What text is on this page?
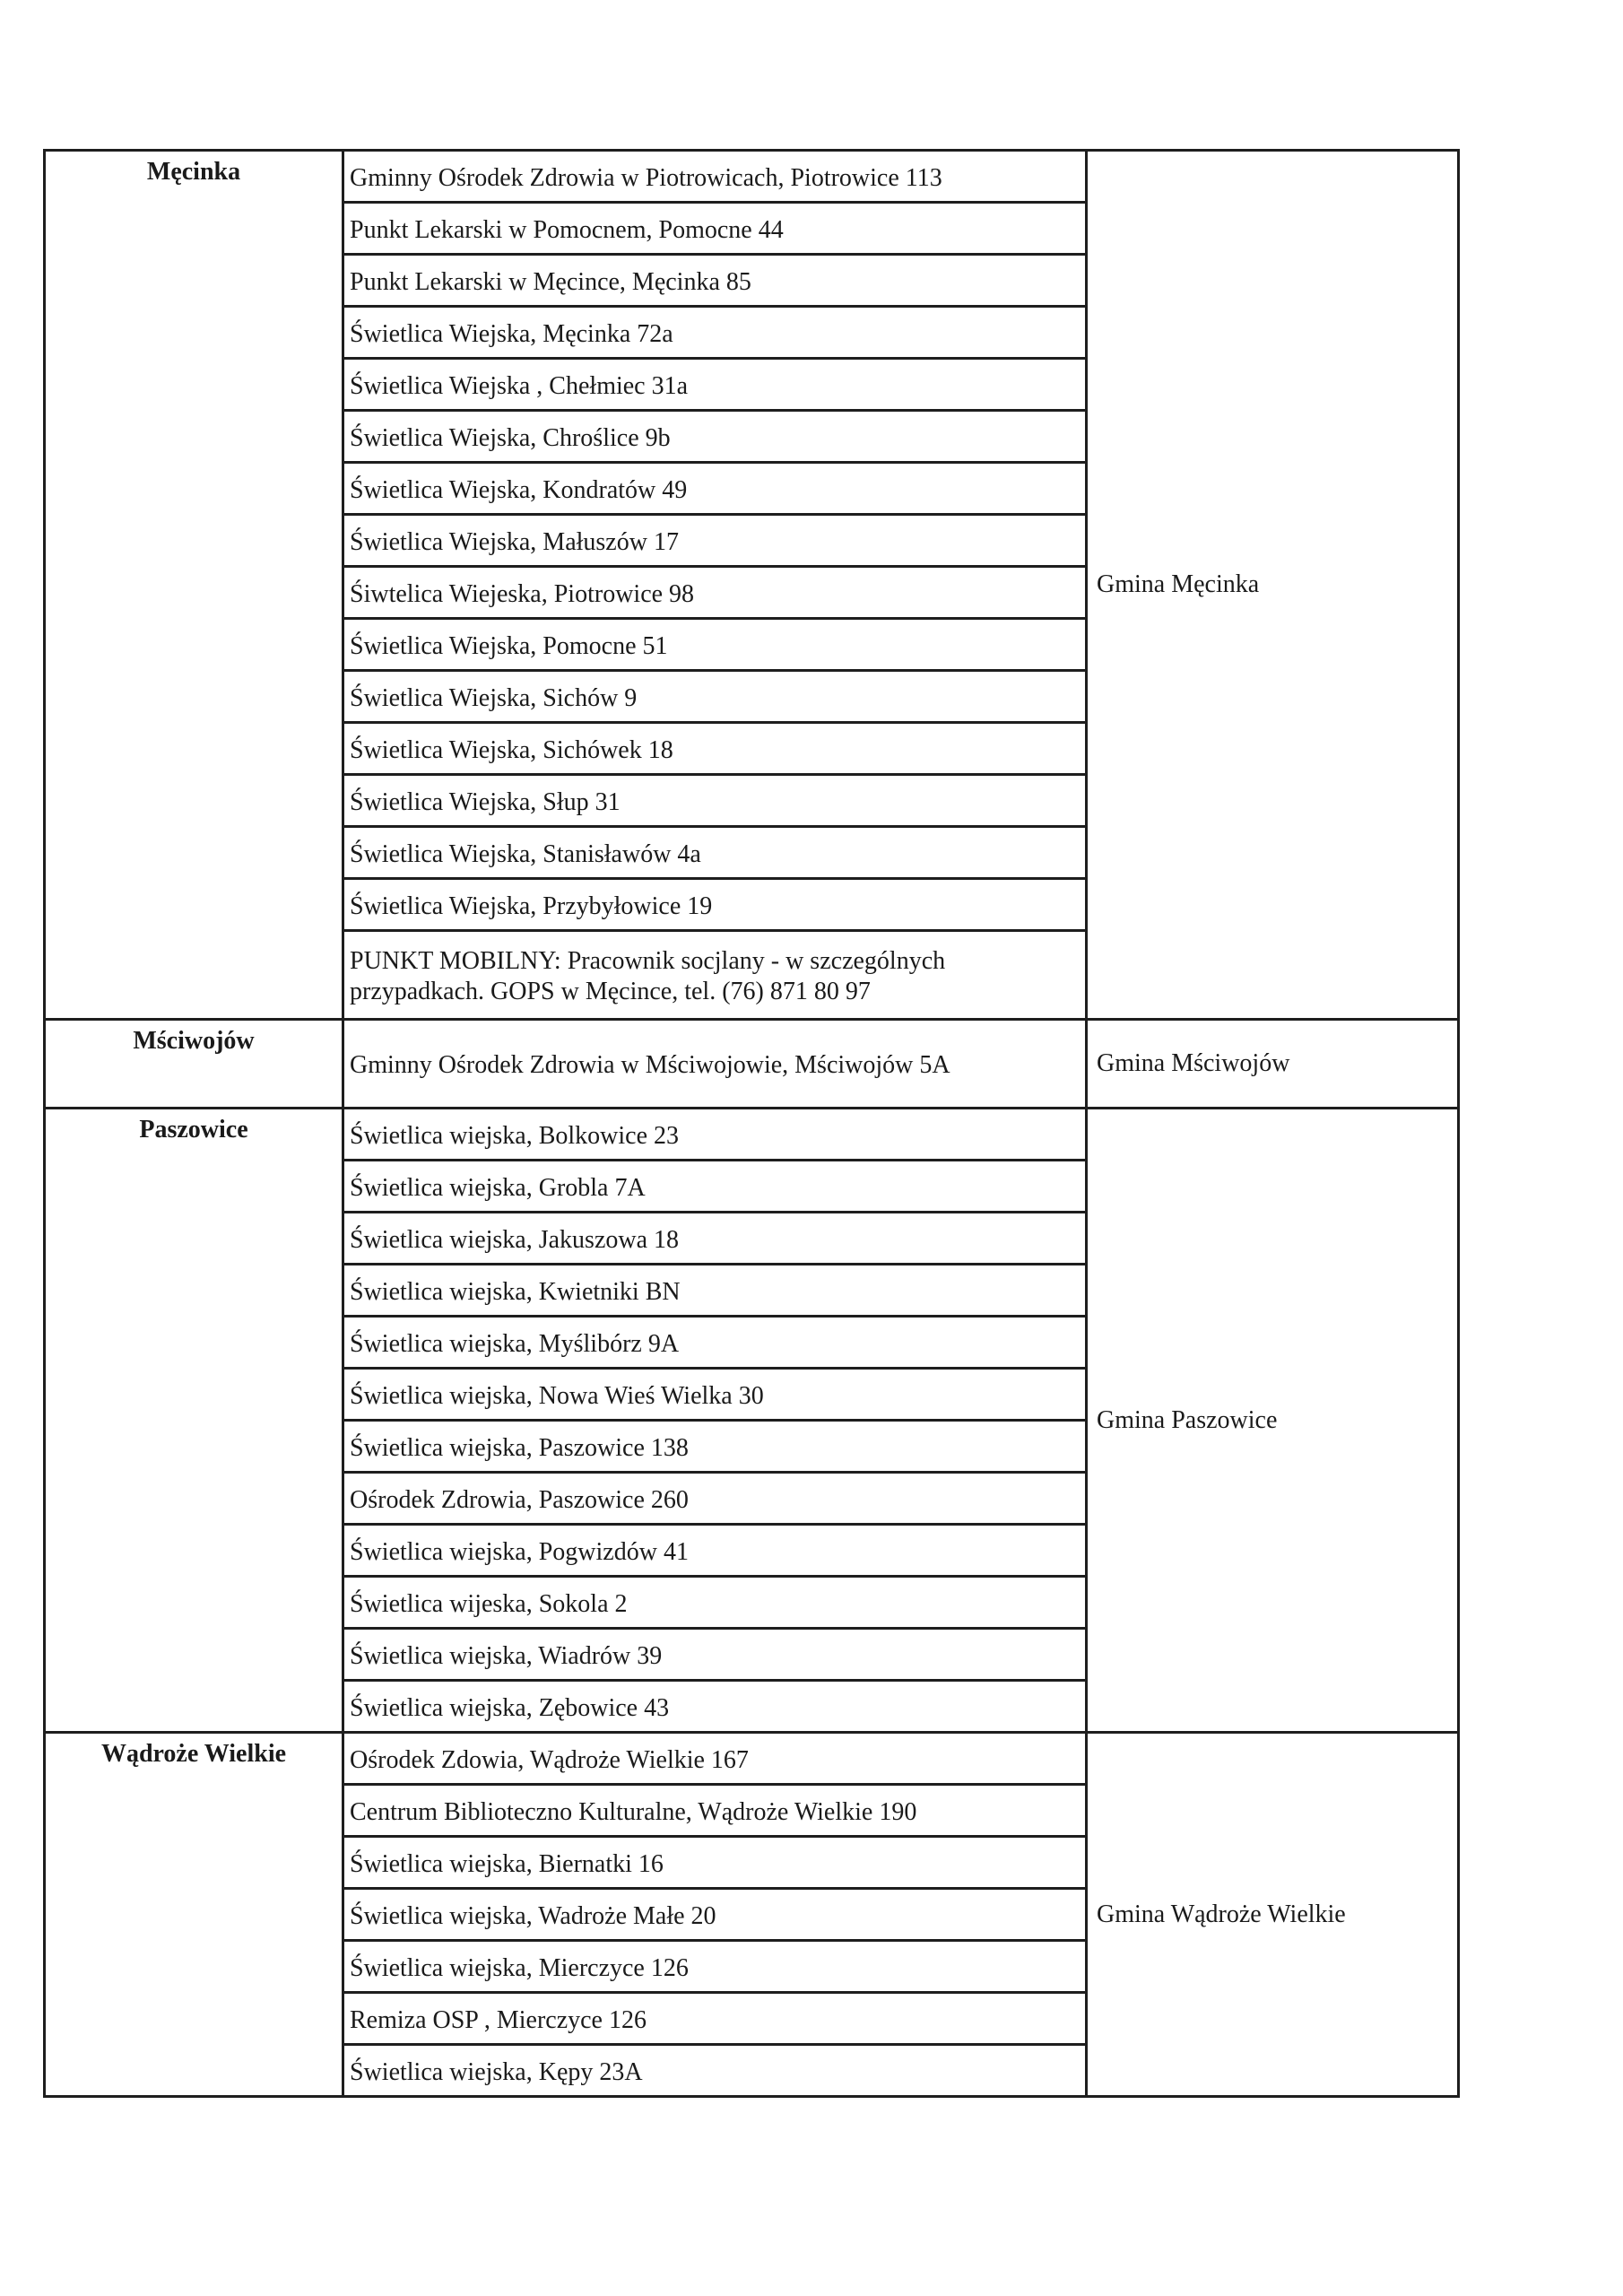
Męcinka	Gminny Ośrodek Zdrowia w Piotrowicach, Piotrowice 113	Gmina Męcinka
	Punkt Lekarski w Pomocnem, Pomocne 44	
	Punkt Lekarski w Męcince, Męcinka 85	
	Świetlica Wiejska, Męcinka 72a	
	Świetlica Wiejska , Chełmiec 31a	
	Świetlica Wiejska, Chroślice 9b	
	Świetlica Wiejska, Kondratów 49	
	Świetlica Wiejska, Małuszów 17	
	Śiwtelica Wiejeska, Piotrowice 98	
	Świetlica Wiejska, Pomocne 51	
	Świetlica Wiejska, Sichów 9	
	Świetlica Wiejska, Sichówek 18	
	Świetlica Wiejska, Słup 31	
	Świetlica Wiejska, Stanisławów 4a	
	Świetlica Wiejska, Przybyłowice 19	
	PUNKT MOBILNY: Pracownik socjlany - w szczególnych przypadkach. GOPS w Męcince, tel. (76) 871 80 97	
Mściwojów	Gminny Ośrodek Zdrowia w Mściwojowie, Mściwojów 5A	Gmina Mściwojów
Paszowice	Świetlica wiejska, Bolkowice 23	Gmina Paszowice
	Świetlica wiejska, Grobla 7A	
	Świetlica wiejska, Jakuszowa 18	
	Świetlica wiejska, Kwietniki BN	
	Świetlica wiejska, Myślibórz 9A	
	Świetlica wiejska, Nowa Wieś Wielka 30	
	Świetlica wiejska, Paszowice 138	
	Ośrodek Zdrowia, Paszowice 260	
	Świetlica wiejska, Pogwizdów 41	
	Świetlica wijeska, Sokola 2	
	Świetlica wiejska, Wiadrów 39	
	Świetlica wiejska, Zębowice 43	
Wądroże Wielkie	Ośrodek Zdowia, Wądroże Wielkie 167	Gmina Wądroże Wielkie
	Centrum Biblioteczno Kulturalne, Wądroże Wielkie 190	
	Świetlica wiejska, Biernatki 16	
	Świetlica wiejska, Wadroże Małe 20	
	Świetlica wiejska, Mierczyce 126	
	Remiza OSP , Mierczyce 126	
	Świetlica wiejska, Kępy 23A	
